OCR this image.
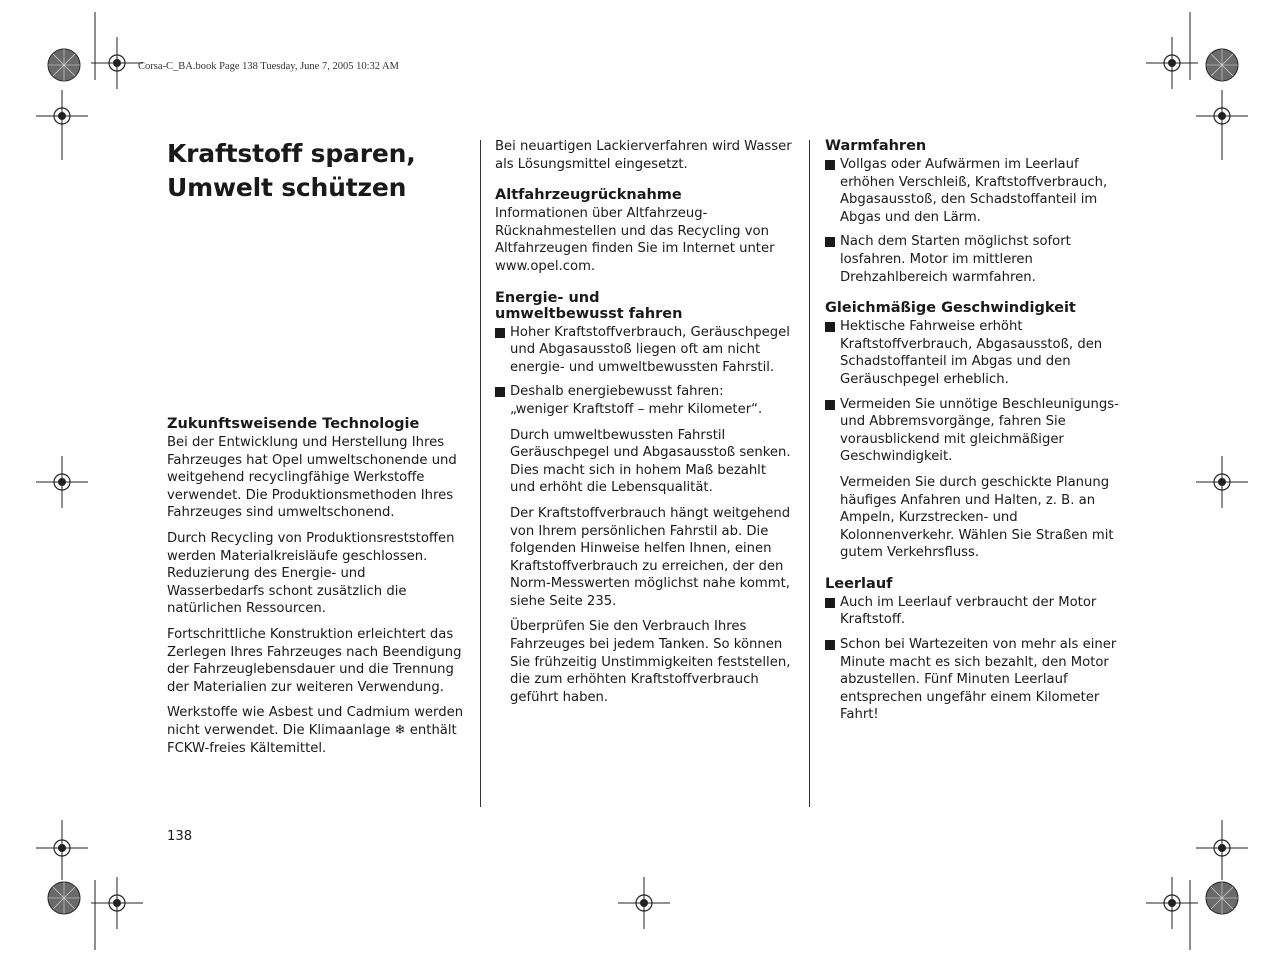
Corsa-C_BA.book Page 138 Tuesday, June 7, 2005 10:32 AM
Kraftstoff sparen,
Umwelt schützen
Zukunftsweisende Technologie

Bei der Entwicklung und Herstellung Ihres Fahrzeuges hat Opel umweltschonende und weitgehend recyclingfähige Werkstoffe verwendet. Die Produktionsmethoden Ihres Fahrzeuges sind umweltschonend.

Durch Recycling von Produktionsreststoffen werden Materialkreisläufe geschlossen. Reduzierung des Energie- und Wasserbedarfs schont zusätzlich die natürlichen Ressourcen.

Fortschrittliche Konstruktion erleichtert das Zerlegen Ihres Fahrzeuges nach Beendigung der Fahrzeuglebensdauer und die Trennung der Materialien zur weiteren Verwendung.

Werkstoffe wie Asbest und Cadmium werden nicht verwendet. Die Klimaanlage ❄ enthält FCKW-freies Kältemittel.

138

Bei neuartigen Lackierverfahren wird Wasser als Lösungsmittel eingesetzt.

Altfahrzeugrücknahme

Informationen über Altfahrzeug-Rücknahmestellen und das Recycling von Altfahrzeugen finden Sie im Internet unter www.opel.com.

Energie- und
umweltbewusst fahren
Hoher Kraftstoffverbrauch, Geräuschpegel und Abgasausstoß liegen oft am nicht energie- und umweltbewussten Fahrstil.
Deshalb energiebewusst fahren:
„weniger Kraftstoff – mehr Kilometer“.

Durch umweltbewussten Fahrstil Geräuschpegel und Abgasausstoß senken. Dies macht sich in hohem Maß bezahlt und erhöht die Lebensqualität.

Der Kraftstoffverbrauch hängt weitgehend von Ihrem persönlichen Fahrstil ab. Die folgenden Hinweise helfen Ihnen, einen Kraftstoffverbrauch zu erreichen, der den Norm-Messwerten möglichst nahe kommt, siehe Seite 235.

Überprüfen Sie den Verbrauch Ihres Fahrzeuges bei jedem Tanken. So können Sie frühzeitig Unstimmigkeiten feststellen, die zum erhöhten Kraftstoffverbrauch geführt haben.

Warmfahren
Vollgas oder Aufwärmen im Leerlauf erhöhen Verschleiß, Kraftstoffverbrauch, Abgasausstoß, den Schadstoffanteil im Abgas und den Lärm.
Nach dem Starten möglichst sofort losfahren. Motor im mittleren Drehzahlbereich warmfahren.
Gleichmäßige Geschwindigkeit
Hektische Fahrweise erhöht Kraftstoffverbrauch, Abgasausstoß, den Schadstoffanteil im Abgas und den Geräuschpegel erheblich.
Vermeiden Sie unnötige Beschleunigungs- und Abbremsvorgänge, fahren Sie vorausblickend mit gleichmäßiger Geschwindigkeit.

Vermeiden Sie durch geschickte Planung häufiges Anfahren und Halten, z. B. an Ampeln, Kurzstrecken- und Kolonnenverkehr. Wählen Sie Straßen mit gutem Verkehrsfluss.

Leerlauf
Auch im Leerlauf verbraucht der Motor Kraftstoff.
Schon bei Wartezeiten von mehr als einer Minute macht es sich bezahlt, den Motor abzustellen. Fünf Minuten Leerlauf entsprechen ungefähr einem Kilometer Fahrt!
